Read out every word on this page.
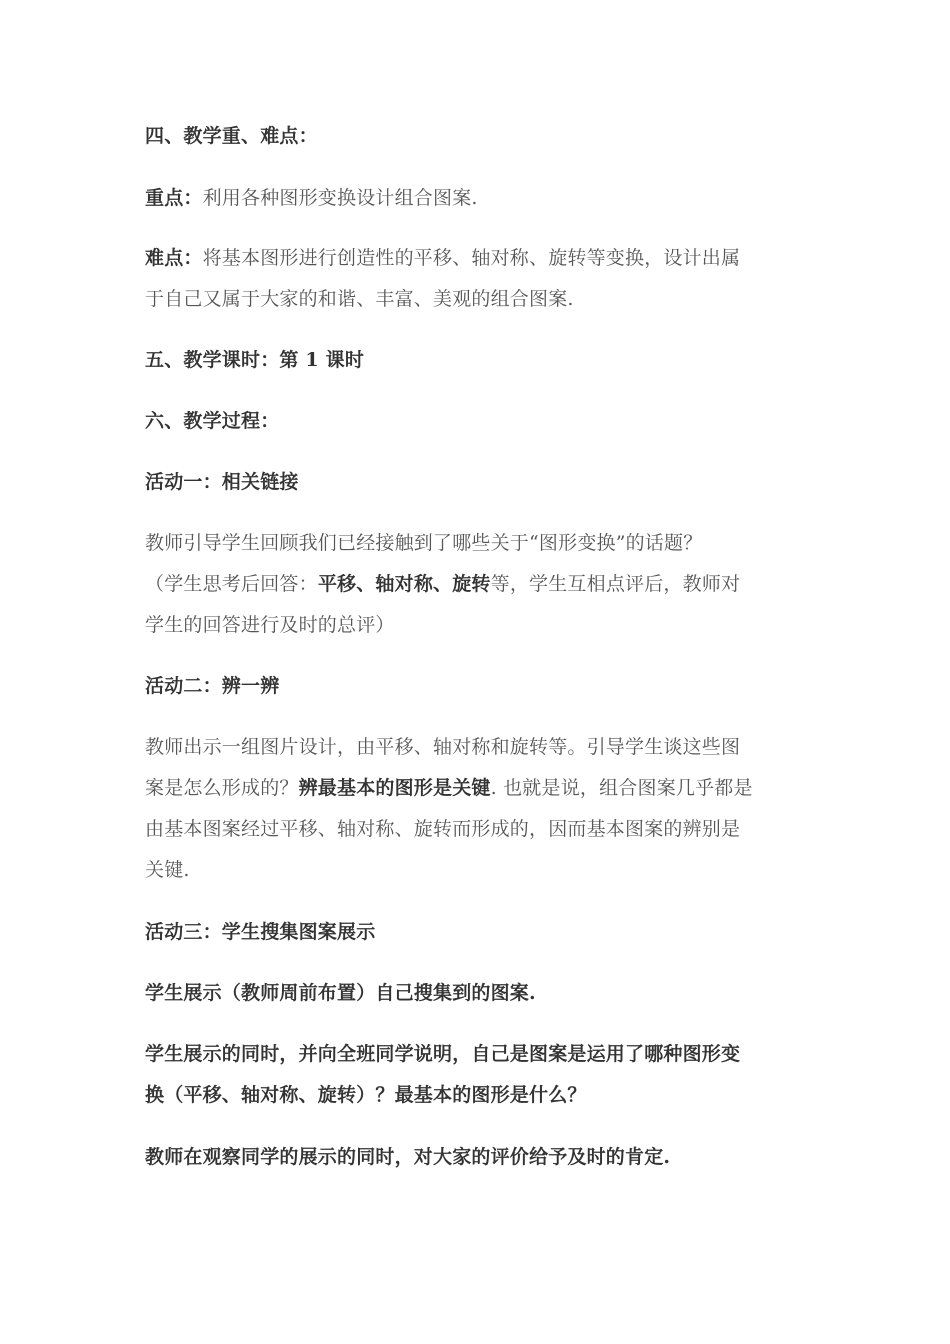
四、教学重、难点：

重点：利用各种图形变换设计组合图案.

难点：将基本图形进行创造性的平移、轴对称、旋转等变换，设计出属
于自己又属于大家的和谐、丰富、美观的组合图案.

五、教学课时：第 1 课时

六、教学过程：

活动一：相关链接

教师引导学生回顾我们已经接触到了哪些关于“图形变换”的话题？
（学生思考后回答：平移、轴对称、旋转等，学生互相点评后，教师对
学生的回答进行及时的总评）

活动二：辨一辨

教师出示一组图片设计，由平移、轴对称和旋转等。引导学生谈这些图
案是怎么形成的？辨最基本的图形是关键. 也就是说，组合图案几乎都是
由基本图案经过平移、轴对称、旋转而形成的，因而基本图案的辨别是
关键.

活动三：学生搜集图案展示

学生展示（教师周前布置）自己搜集到的图案.

学生展示的同时，并向全班同学说明，自己是图案是运用了哪种图形变
换（平移、轴对称、旋转）？最基本的图形是什么？

教师在观察同学的展示的同时，对大家的评价给予及时的肯定.
